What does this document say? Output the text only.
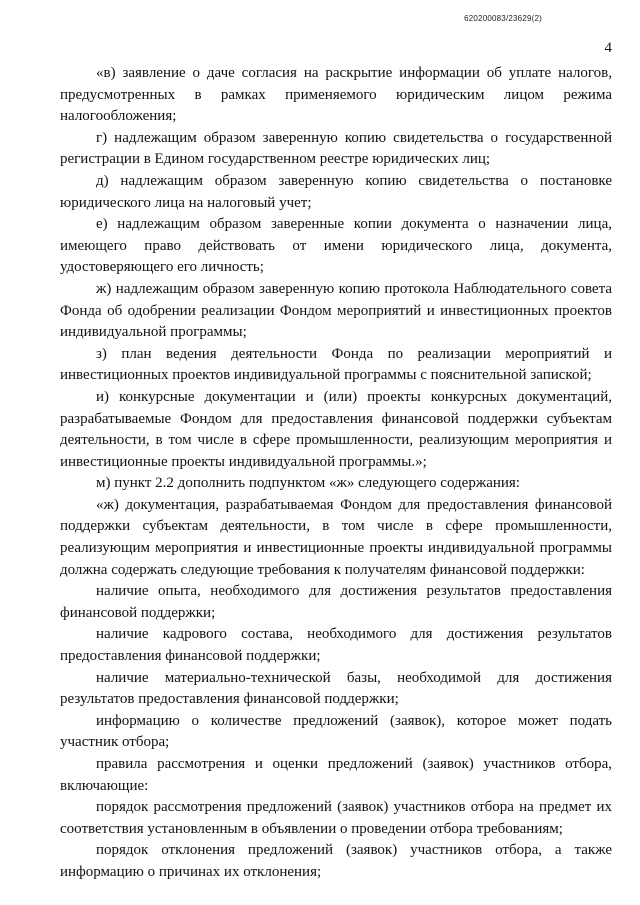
620200083/23629(2)
4

«в) заявление о даче согласия на раскрытие информации об уплате налогов, предусмотренных в рамках применяемого юридическим лицом режима налогообложения;

г) надлежащим образом заверенную копию свидетельства о государственной регистрации в Едином государственном реестре юридических лиц;

д) надлежащим образом заверенную копию свидетельства о постановке юридического лица на налоговый учет;

е) надлежащим образом заверенные копии документа о назначении лица, имеющего право действовать от имени юридического лица, документа, удостоверяющего его личность;

ж) надлежащим образом заверенную копию протокола Наблюдательного совета Фонда об одобрении реализации Фондом мероприятий и инвестиционных проектов индивидуальной программы;

з) план ведения деятельности Фонда по реализации мероприятий и инвестиционных проектов индивидуальной программы с пояснительной запиской;

и) конкурсные документации и (или) проекты конкурсных документаций, разрабатываемые Фондом для предоставления финансовой поддержки субъектам деятельности, в том числе в сфере промышленности, реализующим мероприятия и инвестиционные проекты индивидуальной программы.»;

м) пункт 2.2 дополнить подпунктом «ж» следующего содержания:

«ж) документация, разрабатываемая Фондом для предоставления финансовой поддержки субъектам деятельности, в том числе в сфере промышленности, реализующим мероприятия и инвестиционные проекты индивидуальной программы должна содержать следующие требования к получателям финансовой поддержки:

наличие опыта, необходимого для достижения результатов предоставления финансовой поддержки;

наличие кадрового состава, необходимого для достижения результатов предоставления финансовой поддержки;

наличие материально-технической базы, необходимой для достижения результатов предоставления финансовой поддержки;

информацию о количестве предложений (заявок), которое может подать участник отбора;

правила рассмотрения и оценки предложений (заявок) участников отбора, включающие:

порядок рассмотрения предложений (заявок) участников отбора на предмет их соответствия установленным в объявлении о проведении отбора требованиям;

порядок отклонения предложений (заявок) участников отбора, а также информацию о причинах их отклонения;
